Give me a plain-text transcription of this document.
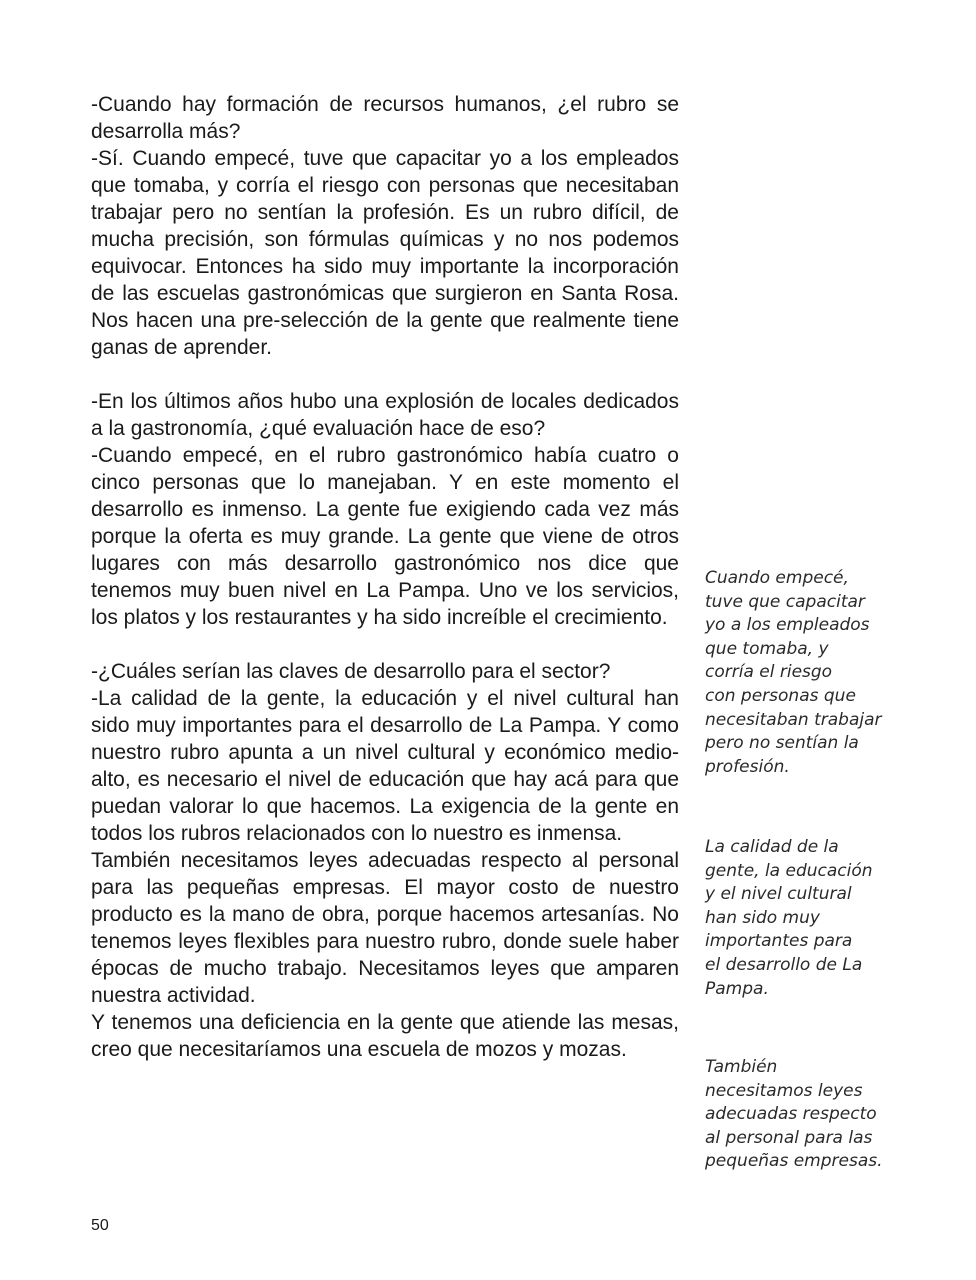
-Cuando hay formación de recursos humanos, ¿el rubro se desarrolla más?

-Sí. Cuando empecé, tuve que capacitar yo a los empleados que tomaba, y corría el riesgo con personas que necesitaban trabajar pero no sentían la profesión. Es un rubro difícil, de mucha precisión, son fórmulas químicas y no nos podemos equivocar. Entonces ha sido muy importante la incorporación de las escuelas gastronómicas que surgieron en Santa Rosa. Nos hacen una pre-selección de la gente que realmente tiene ganas de aprender.

-En los últimos años hubo una explosión de locales dedicados a la gastronomía, ¿qué evaluación hace de eso?

-Cuando empecé, en el rubro gastronómico había cuatro o cinco personas que lo manejaban. Y en este momento el desarrollo es inmenso. La gente fue exigiendo cada vez más porque la oferta es muy grande. La gente que viene de otros lugares con más desarrollo gastronómico nos dice que tenemos muy buen nivel en La Pampa. Uno ve los servicios, los platos y los restaurantes y ha sido increíble el crecimiento.

-¿Cuáles serían las claves de desarrollo para el sector?

-La calidad de la gente, la educación y el nivel cultural han sido muy importantes para el desarrollo de La Pampa. Y como nuestro rubro apunta a un nivel cultural y económico medio-alto, es necesario el nivel de educación que hay acá para que puedan valorar lo que hacemos. La exigencia de la gente en todos los rubros relacionados con lo nuestro es inmensa.

También necesitamos leyes adecuadas respecto al personal para las pequeñas empresas. El mayor costo de nuestro producto es la mano de obra, porque hacemos artesanías. No tenemos leyes flexibles para nuestro rubro, donde suele haber épocas de mucho trabajo. Necesitamos leyes que amparen nuestra actividad.

Y tenemos una deficiencia en la gente que atiende las mesas, creo que necesitaríamos una escuela de mozos y mozas.

Cuando empecé,
tuve que capacitar
yo a los empleados
que tomaba, y
corría el riesgo
con personas que
necesitaban trabajar
pero no sentían la
profesión.

La calidad de la
gente, la educación
y el nivel cultural
han sido muy
importantes para
el desarrollo de La
Pampa.

También
necesitamos leyes
adecuadas respecto
al personal para las
pequeñas empresas.

50
